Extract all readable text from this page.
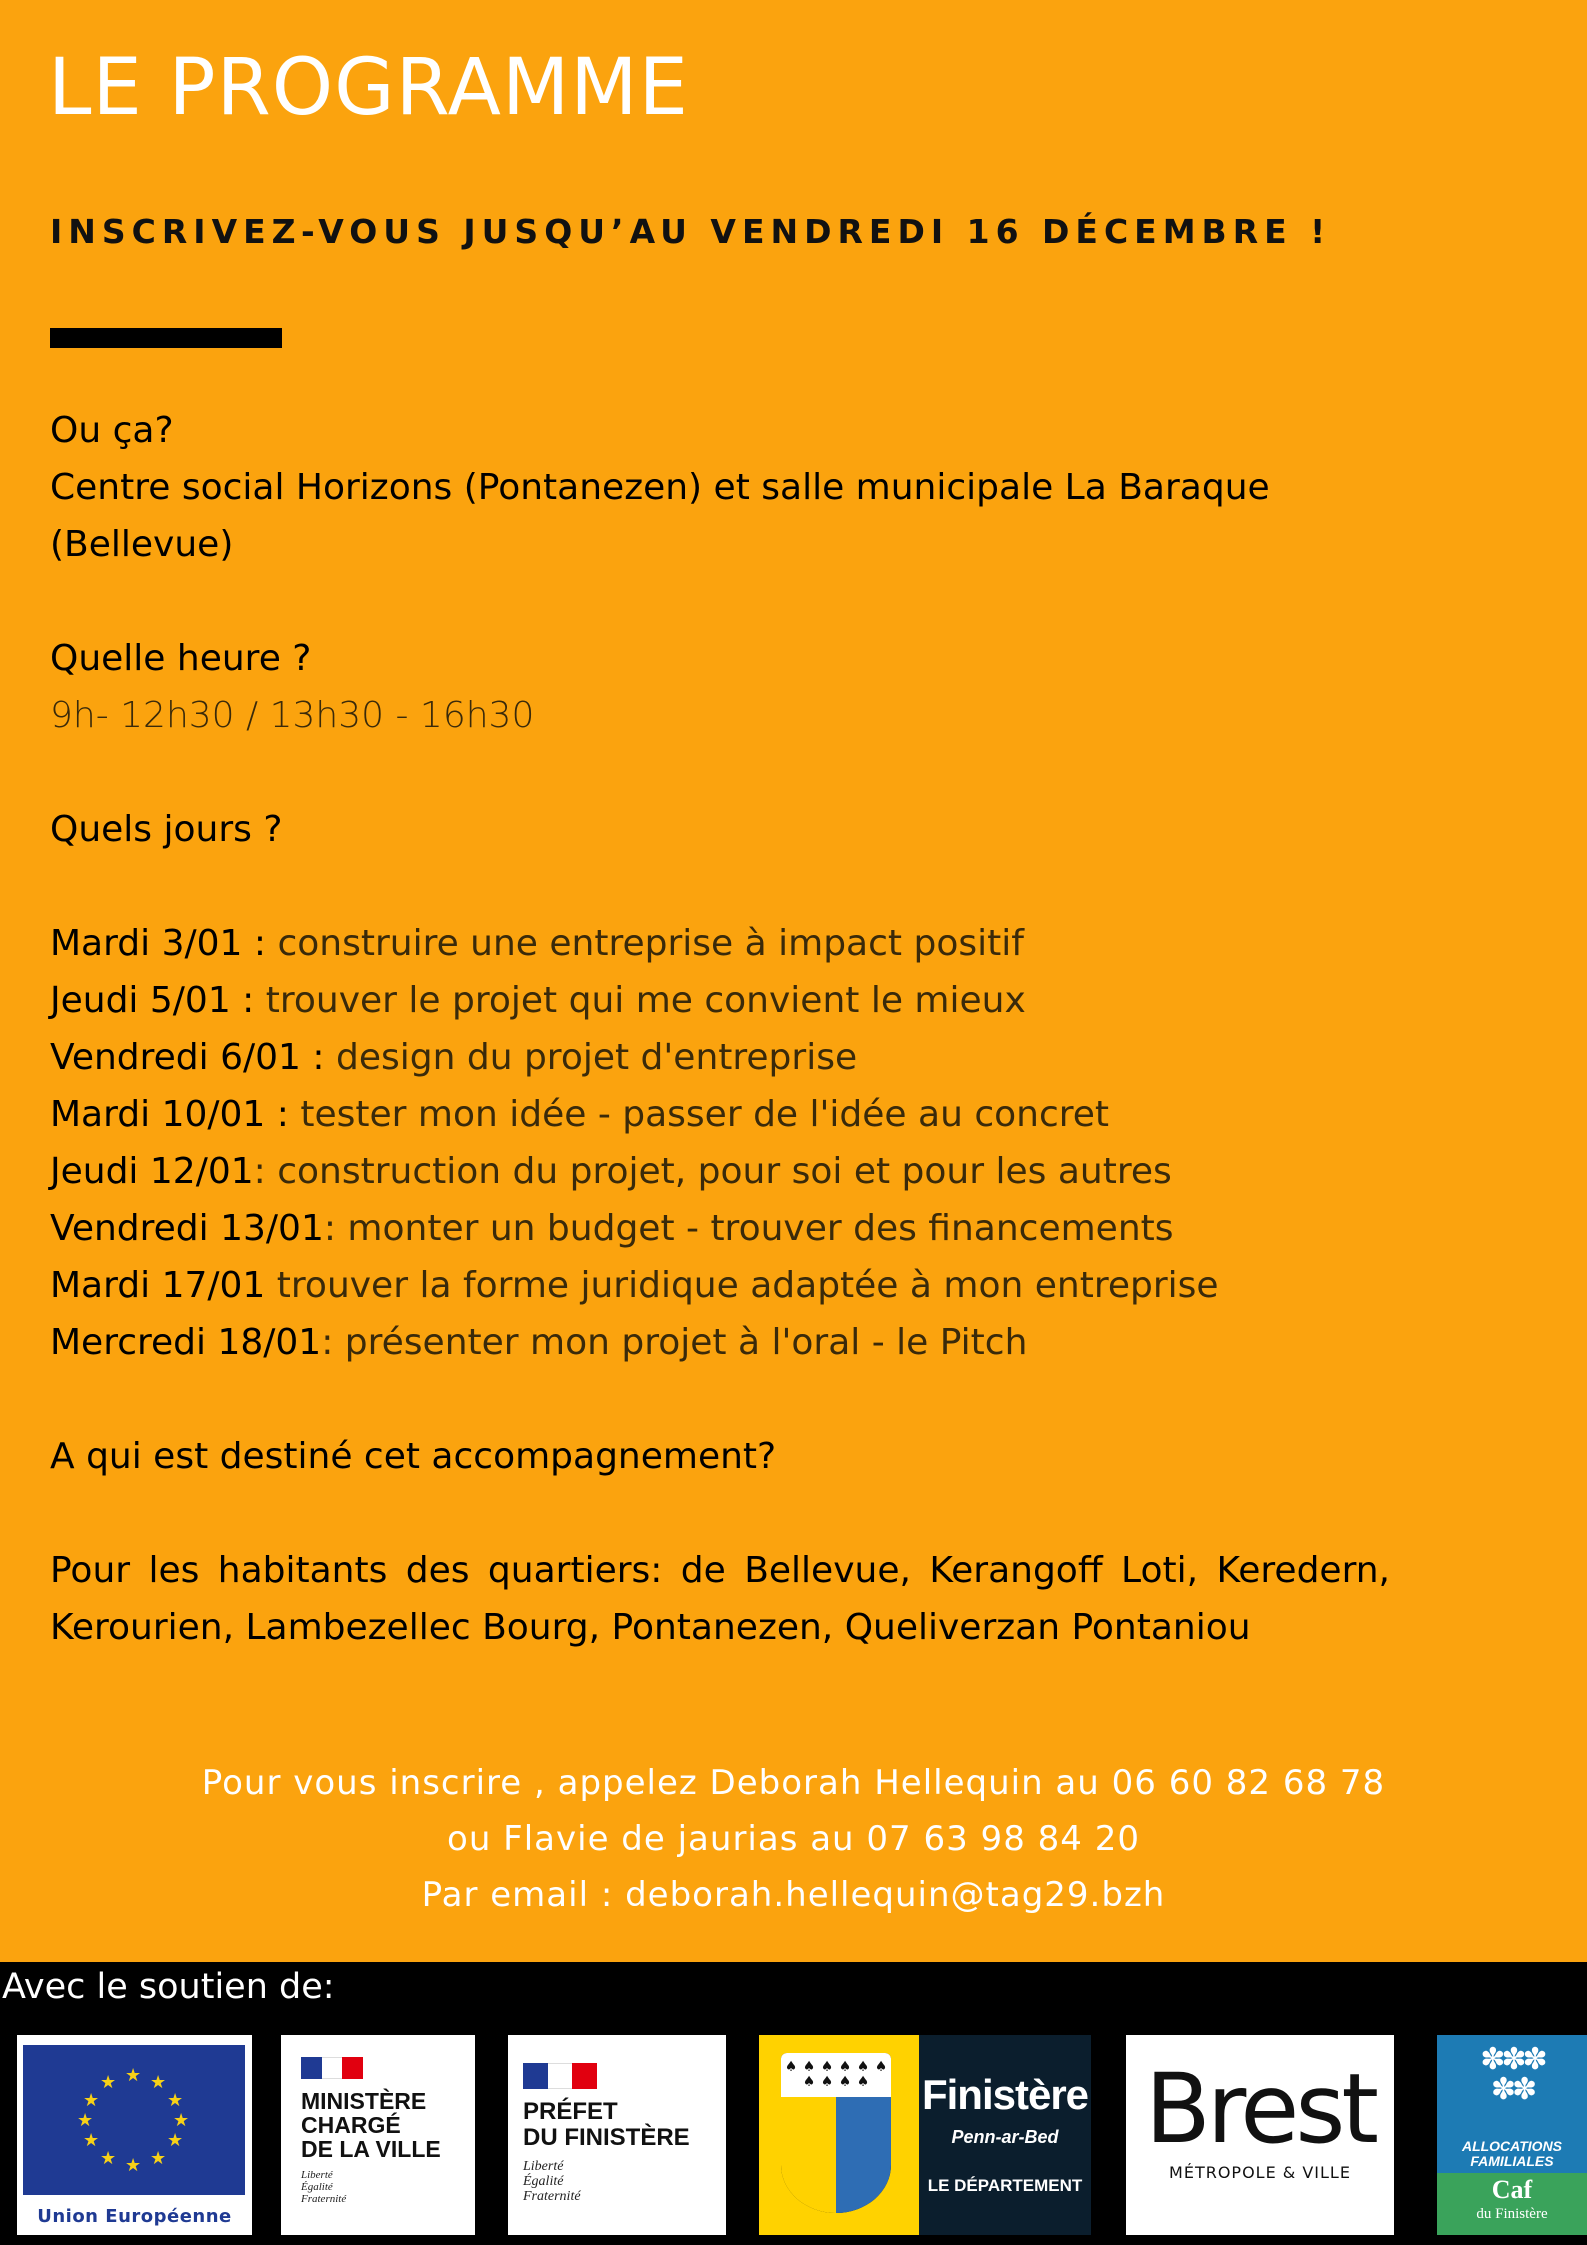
LE PROGRAMME
INSCRIVEZ-VOUS JUSQU’AU VENDREDI 16 DÉCEMBRE !

Ou ça?

Centre social Horizons (Pontanezen) et salle municipale La Baraque (Bellevue)

Quelle heure ?

9h- 12h30 / 13h30 - 16h30

Quels jours ?

Mardi 3/01 : construire une entreprise à impact positif

Jeudi 5/01 : trouver le projet qui me convient le mieux

Vendredi 6/01 : design du projet d'entreprise

Mardi 10/01 : tester mon idée - passer de l'idée au concret

Jeudi 12/01: construction du projet, pour soi et pour les autres

Vendredi 13/01: monter un budget - trouver des financements

Mardi 17/01 trouver la forme juridique adaptée à mon entreprise

Mercredi 18/01: présenter mon projet à l'oral - le Pitch

A qui est destiné cet accompagnement?

Pour les habitants des quartiers: de Bellevue, Kerangoff Loti, Keredern, Kerourien, Lambezellec Bourg, Pontanezen, Queliverzan Pontaniou

Pour vous inscrire , appelez Deborah Hellequin au 06 60 82 68 78
ou Flavie de jaurias au 07 63 98 84 20
Par email : deborah.hellequin@tag29.bzh
Avec le soutien de:
★ ★
★
★
★
★
★
★
★
★
★
★
Union Européenne
MINISTÈRE
CHARGÉ
DE LA VILLE
Liberté
Égalité
Fraternité
PRÉFET
DU FINISTÈRE
Liberté
Égalité
Fraternité
♠ ♠ ♠ ♠ ♠ ♠
♠ ♠ ♠ ♠ Finistère
Penn-ar-Bed
LE DÉPARTEMENT
Brest
MÉTROPOLE & VILLE
✽✽✽
✽✽
ALLOCATIONS
FAMILIALES
Caf
du Finistère
